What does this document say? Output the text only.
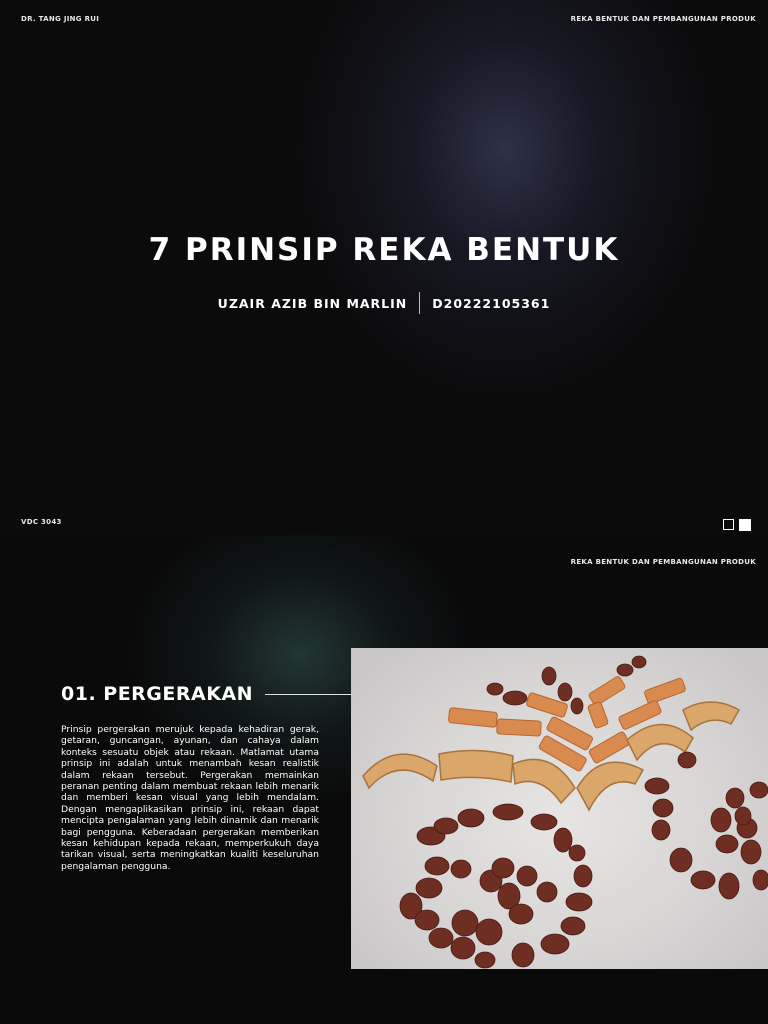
DR. TANG JING RUI	REKA BENTUK DAN PEMBANGUNAN PRODUK
7 PRINSIP REKA BENTUK
UZAIR AZIB BIN MARLIN D20222105361
VDC 3043
REKA BENTUK DAN PEMBANGUNAN PRODUK
01. PERGERAKAN
Prinsip pergerakan merujuk kepada kehadiran gerak, getaran, guncangan, ayunan, dan cahaya dalam konteks sesuatu objek atau rekaan. Matlamat utama prinsip ini adalah untuk menambah kesan realistik dalam rekaan tersebut. Pergerakan memainkan peranan penting dalam membuat rekaan lebih menarik dan memberi kesan visual yang lebih mendalam. Dengan mengaplikasikan prinsip ini, rekaan dapat mencipta pengalaman yang lebih dinamik dan menarik bagi pengguna. Keberadaan pergerakan memberikan kesan kehidupan kepada rekaan, memperkukuh daya tarikan visual, serta meningkatkan kualiti keseluruhan pengalaman pengguna.
